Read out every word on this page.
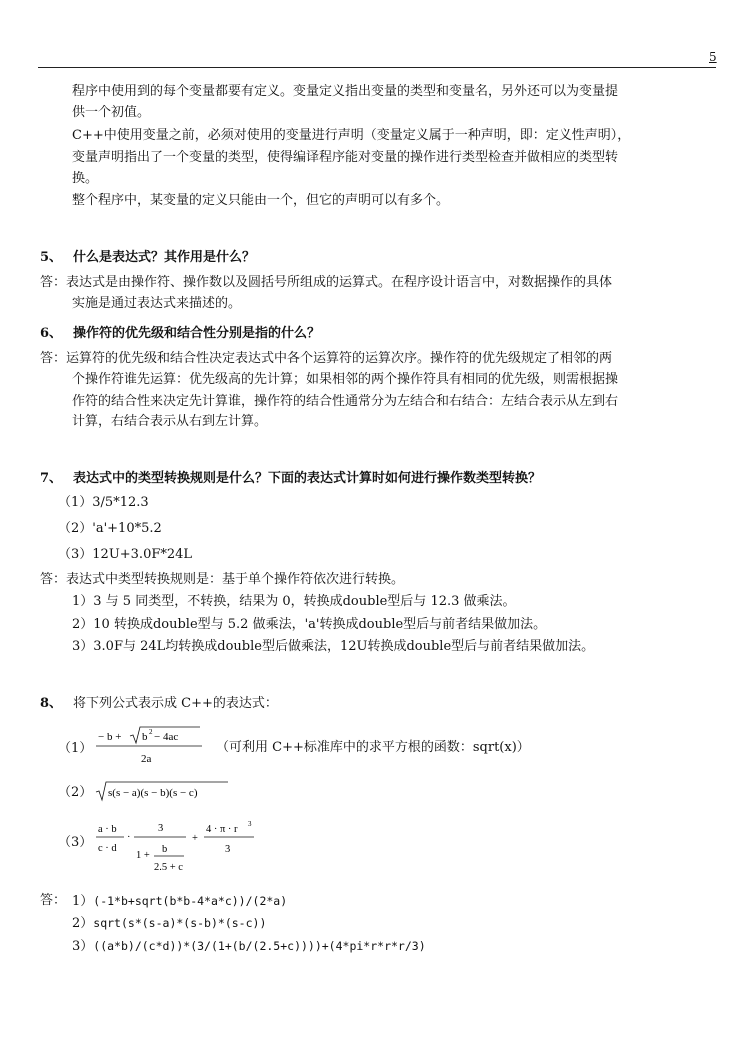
5
程序中使用到的每个变量都要有定义。变量定义指出变量的类型和变量名，另外还可以为变量提
供一个初值。
C++中使用变量之前，必须对使用的变量进行声明（变量定义属于一种声明，即：定义性声明），
变量声明指出了一个变量的类型，使得编译程序能对变量的操作进行类型检查并做相应的类型转
换。
整个程序中，某变量的定义只能由一个，但它的声明可以有多个。
5、 什么是表达式？其作用是什么？
答：表达式是由操作符、操作数以及圆括号所组成的运算式。在程序设计语言中，对数据操作的具体
实施是通过表达式来描述的。
6、 操作符的优先级和结合性分别是指的什么？
答：运算符的优先级和结合性决定表达式中各个运算符的运算次序。操作符的优先级规定了相邻的两
个操作符谁先运算：优先级高的先计算；如果相邻的两个操作符具有相同的优先级，则需根据操
作符的结合性来决定先计算谁，操作符的结合性通常分为左结合和右结合：左结合表示从左到右
计算，右结合表示从右到左计算。
7、 表达式中的类型转换规则是什么？下面的表达式计算时如何进行操作数类型转换？
（1）3/5*12.3
（2）'a'+10*5.2
（3）12U+3.0F*24L
答：表达式中类型转换规则是：基于单个操作符依次进行转换。
1）3 与 5 同类型，不转换，结果为 0，转换成double型后与 12.3 做乘法。
2）10 转换成double型与 5.2 做乘法，'a'转换成double型后与前者结果做加法。
3）3.0F与 24L均转换成double型后做乘法，12U转换成double型后与前者结果做加法。
8、 将下列公式表示成 C++的表达式：
（1）
− b + b 2 − 4ac
2a
（可利用 C++标准库中的求平方根的函数：sqrt(x)）
（2） s(s − a)(s − b)(s − c)
（3）
a · b
c · d
·
3
1 +
b
2.5 + c
+
4 · π · r 3
3
答： 1）(-1*b+sqrt(b*b-4*a*c))/(2*a)
2）sqrt(s*(s-a)*(s-b)*(s-c))
3）((a*b)/(c*d))*(3/(1+(b/(2.5+c))))+(4*pi*r*r*r/3)
